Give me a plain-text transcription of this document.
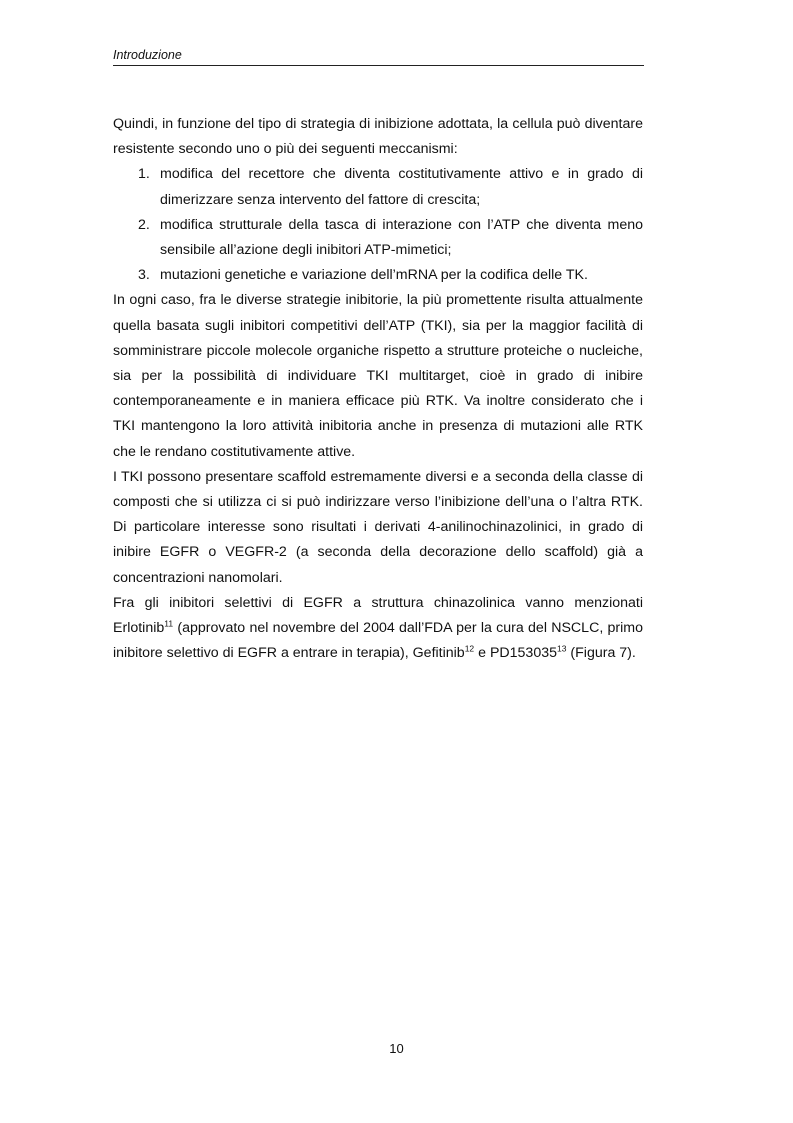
Introduzione

Quindi, in funzione del tipo di strategia di inibizione adottata, la cellula può diventare resistente secondo uno o più dei seguenti meccanismi:

1. modifica del recettore che diventa costitutivamente attivo e in grado di dimerizzare senza intervento del fattore di crescita;
2. modifica strutturale della tasca di interazione con l’ATP che diventa meno sensibile all’azione degli inibitori ATP-mimetici;
3. mutazioni genetiche e variazione dell’mRNA per la codifica delle TK.

In ogni caso, fra le diverse strategie inibitorie, la più promettente risulta attualmente quella basata sugli inibitori competitivi dell’ATP (TKI), sia per la maggior facilità di somministrare piccole molecole organiche rispetto a strutture proteiche o nucleiche, sia per la possibilità di individuare TKI multitarget, cioè in grado di inibire contemporaneamente e in maniera efficace più RTK. Va inoltre considerato che i TKI mantengono la loro attività inibitoria anche in presenza di mutazioni alle RTK che le rendano costitutivamente attive.

I TKI possono presentare scaffold estremamente diversi e a seconda della classe di composti che si utilizza ci si può indirizzare verso l’inibizione dell’una o l’altra RTK. Di particolare interesse sono risultati i derivati 4-anilinochinazolinici, in grado di inibire EGFR o VEGFR-2 (a seconda della decorazione dello scaffold) già a concentrazioni nanomolari.

Fra gli inibitori selettivi di EGFR a struttura chinazolinica vanno menzionati Erlotinib$^{11}$ (approvato nel novembre del 2004 dall’FDA per la cura del NSCLC, primo inibitore selettivo di EGFR a entrare in terapia), Gefitinib$^{12}$ e PD153035$^{13}$ (Figura 7).

10
